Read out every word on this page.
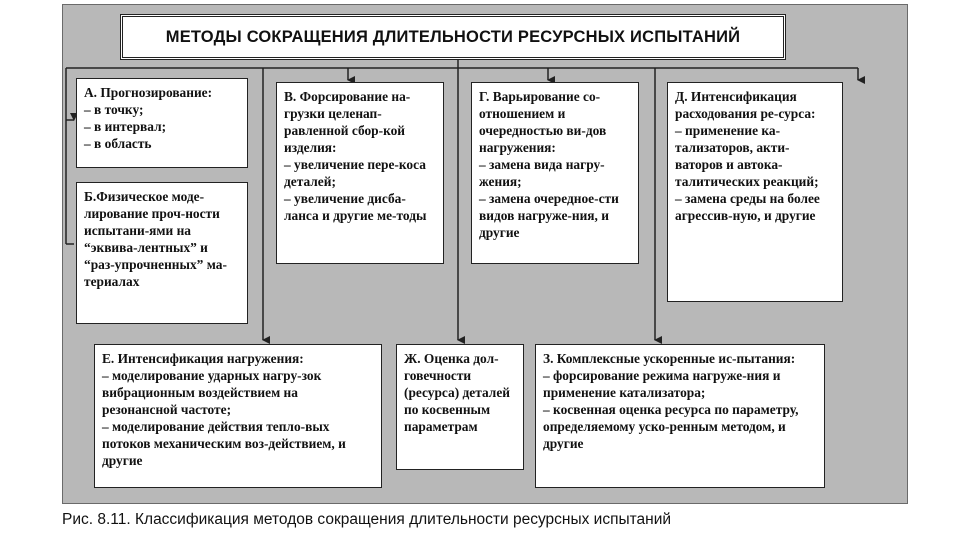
МЕТОДЫ СОКРАЩЕНИЯ ДЛИТЕЛЬНОСТИ РЕСУРСНЫХ ИСПЫТАНИЙ
А. Прогнозирование:
– в точку;
– в интервал;
– в область
Б.Физическое моде-лирование проч-ности испытани-ями на “эквива-лентных” и “раз-упрочненных” ма-териалах
В. Форсирование на-грузки целенап-равленной сбор-кой изделия:
– увеличение пере-коса деталей;
– увеличение дисба-ланса и другие ме-тоды
Г. Варьирование со-отношением и очередностью ви-дов нагружения:
– замена вида нагру-жения;
– замена очередное-сти видов нагруже-ния, и другие
Д. Интенсификация расходования ре-сурса:
– применение ка-тализаторов, акти-ваторов и автока-талитических реакций;
– замена среды на более агрессив-ную, и другие
Е. Интенсификация нагружения:
– моделирование ударных нагру-зок вибрационным воздействием на резонансной частоте;
– моделирование действия тепло-вых потоков механическим воз-действием, и другие
Ж. Оценка дол-говечности (ресурса) деталей по косвенным параметрам
З. Комплексные ускоренные ис-пытания:
– форсирование режима нагруже-ния и применение катализатора;
– косвенная оценка ресурса по параметру, определяемому уско-ренным методом, и другие
Рис. 8.11. Классификация методов сокращения длительности ресурсных испытаний
